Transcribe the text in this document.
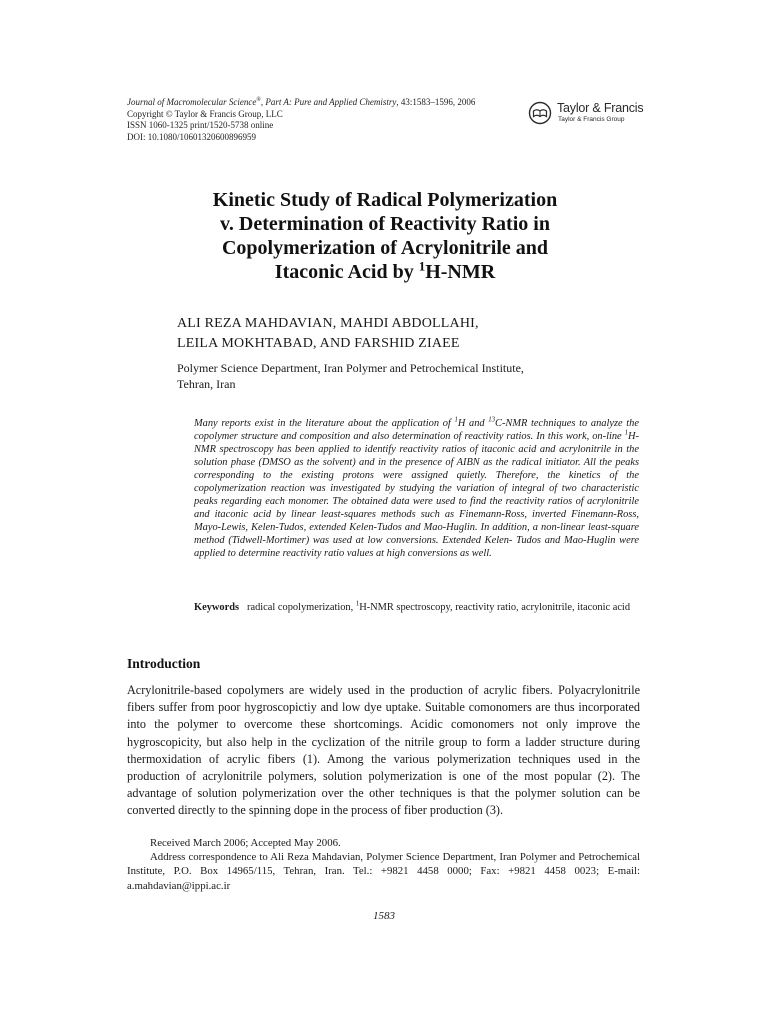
Journal of Macromolecular Science®, Part A: Pure and Applied Chemistry, 43:1583–1596, 2006
Copyright © Taylor & Francis Group, LLC
ISSN 1060-1325 print/1520-5738 online
DOI: 10.1080/10601320600896959
Taylor & Francis
Taylor & Francis Group
Kinetic Study of Radical Polymerization
v. Determination of Reactivity Ratio in
Copolymerization of Acrylonitrile and
Itaconic Acid by $^1$H-NMR
ALI REZA MAHDAVIAN, MAHDI ABDOLLAHI,
LEILA MOKHTABAD, AND FARSHID ZIAEE
Polymer Science Department, Iran Polymer and Petrochemical Institute,
Tehran, Iran

Many reports exist in the literature about the application of $^1$H and $^{13}$C-NMR techniques to analyze the copolymer structure and composition and also determination of reactivity ratios. In this work, on-line $^1$H-NMR spectroscopy has been applied to identify reactivity ratios of itaconic acid and acrylonitrile in the solution phase (DMSO as the solvent) and in the presence of AIBN as the radical initiator. All the peaks corresponding to the existing protons were assigned quietly. Therefore, the kinetics of the copolymerization reaction was investigated by studying the variation of integral of two characteristic peaks regarding each monomer. The obtained data were used to find the reactivity ratios of acrylonitrile and itaconic acid by linear least-squares methods such as Finemann-Ross, inverted Finemann-Ross, Mayo-Lewis, Kelen-Tudos, extended Kelen-Tudos and Mao-Huglin. In addition, a non-linear least-square method (Tidwell-Mortimer) was used at low conversions. Extended Kelen- Tudos and Mao-Huglin were applied to determine reactivity ratio values at high conversions as well.

Keywords radical copolymerization, $^1$H-NMR spectroscopy, reactivity ratio, acrylonitrile, itaconic acid
Introduction

Acrylonitrile-based copolymers are widely used in the production of acrylic fibers. Polyacrylonitrile fibers suffer from poor hygroscopictiy and low dye uptake. Suitable comonomers are thus incorporated into the polymer to overcome these shortcomings. Acidic comonomers not only improve the hygroscopicity, but also help in the cyclization of the nitrile group to form a ladder structure during thermoxidation of acrylic fibers (1). Among the various polymerization techniques used in the production of acrylonitrile polymers, solution polymerization is one of the most popular (2). The advantage of solution polymerization over the other techniques is that the polymer solution can be converted directly to the spinning dope in the process of fiber production (3).

Received March 2006; Accepted May 2006.

Address correspondence to Ali Reza Mahdavian, Polymer Science Department, Iran Polymer and Petrochemical Institute, P.O. Box 14965/115, Tehran, Iran. Tel.: +9821 4458 0000; Fax: +9821 4458 0023; E-mail: a.mahdavian@ippi.ac.ir

1583
